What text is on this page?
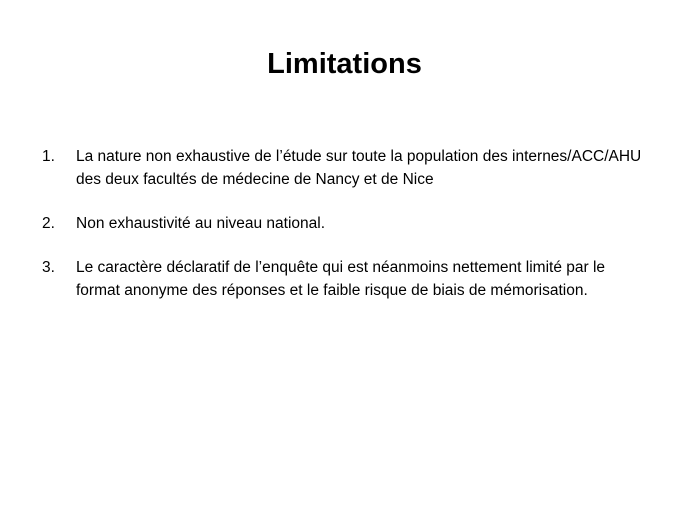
Limitations
1. La nature non exhaustive de l’étude sur toute la population des internes/ACC/AHU des deux facultés de médecine de Nancy et de Nice
2. Non exhaustivité au niveau national.
3. Le caractère déclaratif de l’enquête qui est néanmoins nettement limité par le format anonyme des réponses et le faible risque de biais de mémorisation.
